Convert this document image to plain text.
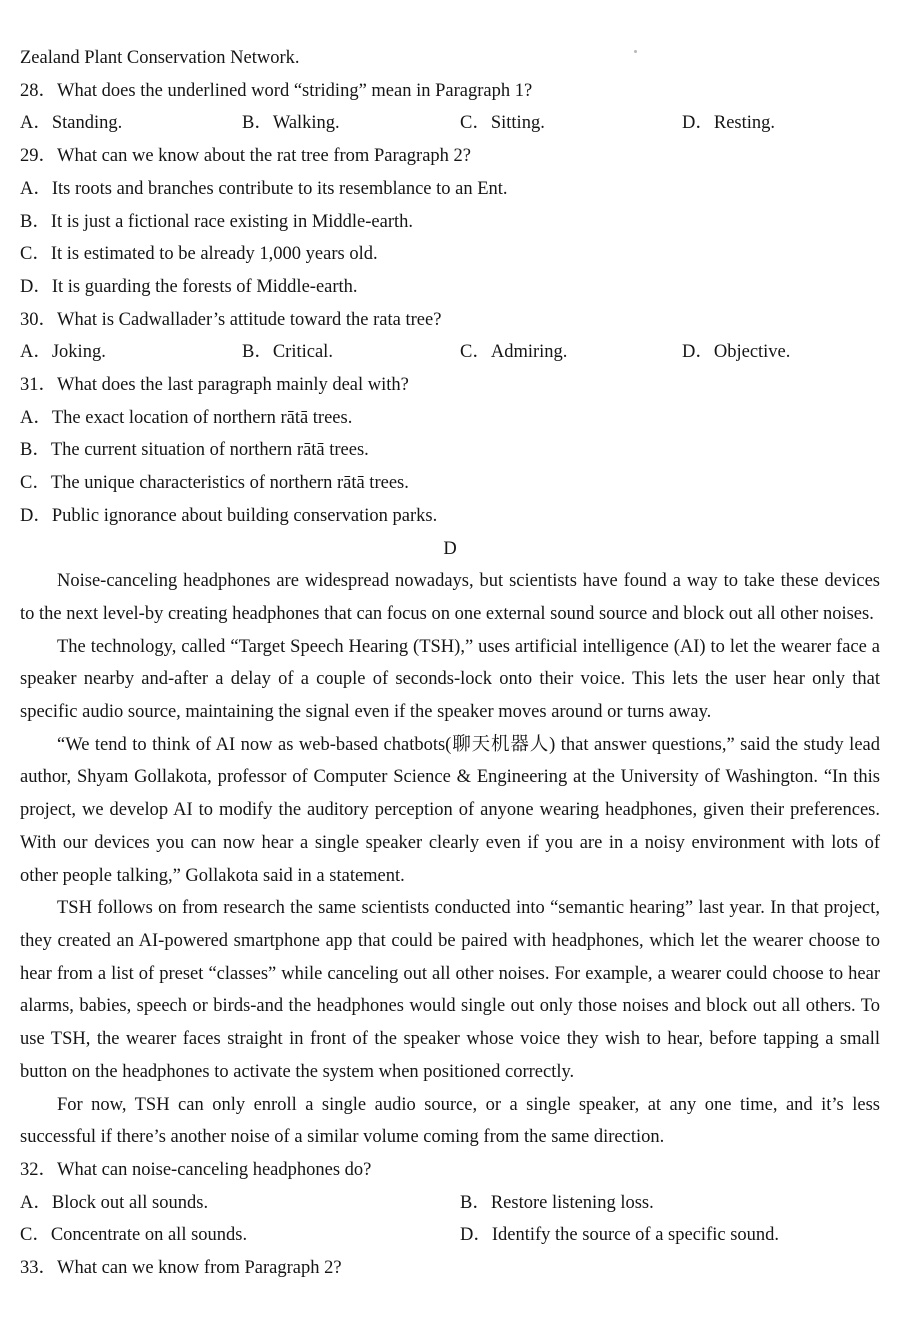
Zealand Plant Conservation Network.
28．What does the underlined word “striding” mean in Paragraph 1?
A．Standing.	B．Walking.	C．Sitting.	D．Resting.
29．What can we know about the rat tree from Paragraph 2?
A．Its roots and branches contribute to its resemblance to an Ent.
B．It is just a fictional race existing in Middle-earth.
C．It is estimated to be already 1,000 years old.
D．It is guarding the forests of Middle-earth.
30．What is Cadwallader’s attitude toward the rata tree?
A．Joking.	B．Critical.	C．Admiring.	D．Objective.
31．What does the last paragraph mainly deal with?
A．The exact location of northern rātā trees.
B．The current situation of northern rātā trees.
C．The unique characteristics of northern rātā trees.
D．Public ignorance about building conservation parks.
D

Noise-canceling headphones are widespread nowadays, but scientists have found a way to take these devices to the next level-by creating headphones that can focus on one external sound source and block out all other noises.

The technology, called “Target Speech Hearing (TSH),” uses artificial intelligence (AI) to let the wearer face a speaker nearby and-after a delay of a couple of seconds-lock onto their voice. This lets the user hear only that specific audio source, maintaining the signal even if the speaker moves around or turns away.

“We tend to think of AI now as web-based chatbots(聊天机器人) that answer questions,” said the study lead author, Shyam Gollakota, professor of Computer Science & Engineering at the University of Washington. “In this project, we develop AI to modify the auditory perception of anyone wearing headphones, given their preferences. With our devices you can now hear a single speaker clearly even if you are in a noisy environment with lots of other people talking,” Gollakota said in a statement.

TSH follows on from research the same scientists conducted into “semantic hearing” last year. In that project, they created an AI-powered smartphone app that could be paired with headphones, which let the wearer choose to hear from a list of preset “classes” while canceling out all other noises. For example, a wearer could choose to hear alarms, babies, speech or birds-and the headphones would single out only those noises and block out all others. To use TSH, the wearer faces straight in front of the speaker whose voice they wish to hear, before tapping a small button on the headphones to activate the system when positioned correctly.

For now, TSH can only enroll a single audio source, or a single speaker, at any one time, and it’s less successful if there’s another noise of a similar volume coming from the same direction.

32．What can noise-canceling headphones do?
A．Block out all sounds.	B．Restore listening loss.
C．Concentrate on all sounds.	D．Identify the source of a specific sound.
33．What can we know from Paragraph 2?
